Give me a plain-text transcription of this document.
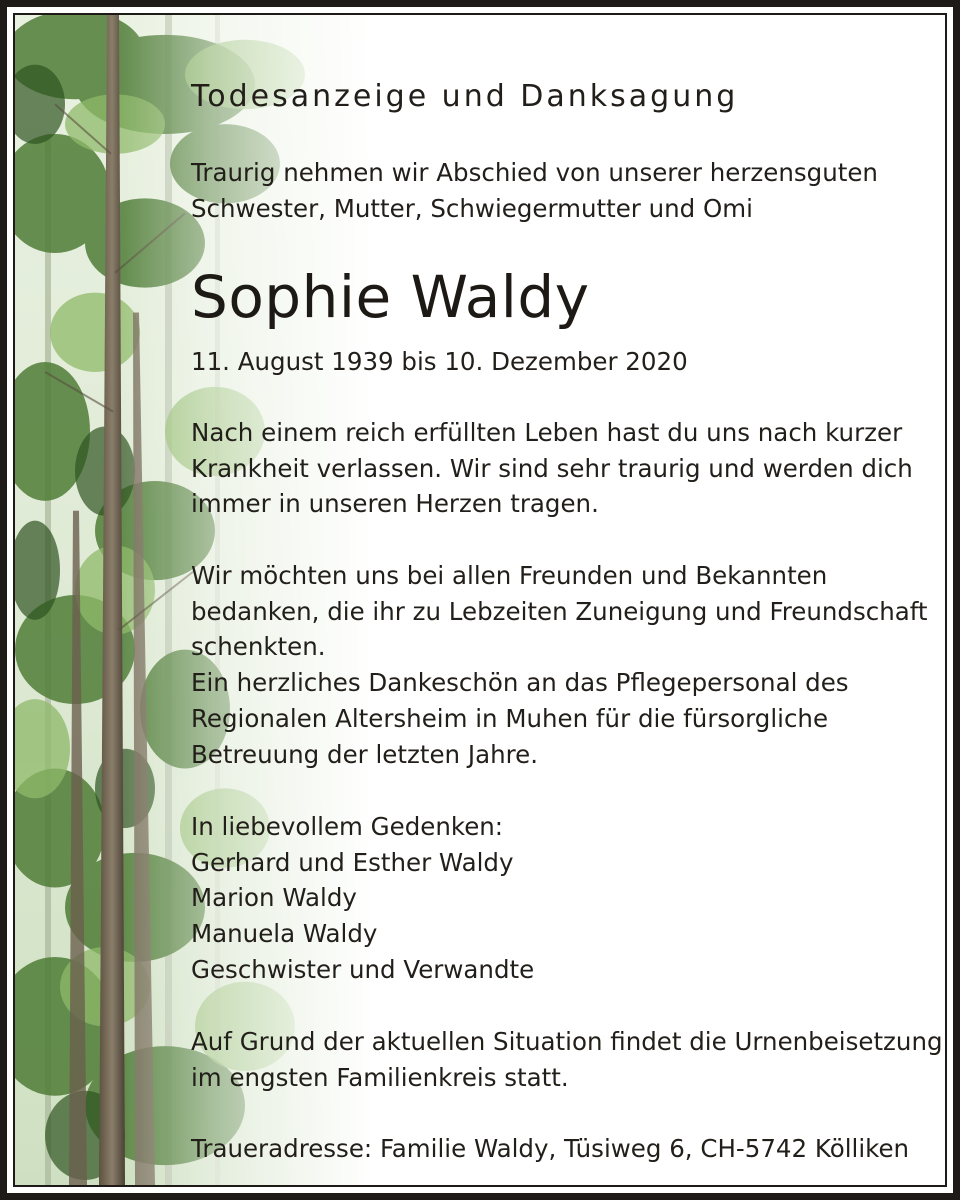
Todesanzeige und Danksagung
Traurig nehmen wir Abschied von unserer herzensguten
Schwester, Mutter, Schwiegermutter und Omi
Sophie Waldy
11. August 1939 bis 10. Dezember 2020
Nach einem reich erfüllten Leben hast du uns nach kurzer
Krankheit verlassen. Wir sind sehr traurig und werden dich
immer in unseren Herzen tragen.
Wir möchten uns bei allen Freunden und Bekannten
bedanken, die ihr zu Lebzeiten Zuneigung und Freundschaft
schenkten.
Ein herzliches Dankeschön an das Pflegepersonal des
Regionalen Altersheim in Muhen für die fürsorgliche
Betreuung der letzten Jahre.
In liebevollem Gedenken:
Gerhard und Esther Waldy
Marion Waldy
Manuela Waldy
Geschwister und Verwandte
Auf Grund der aktuellen Situation findet die Urnenbeisetzung
im engsten Familienkreis statt.
Traueradresse: Familie Waldy, Tüsiweg 6, CH-5742 Kölliken
